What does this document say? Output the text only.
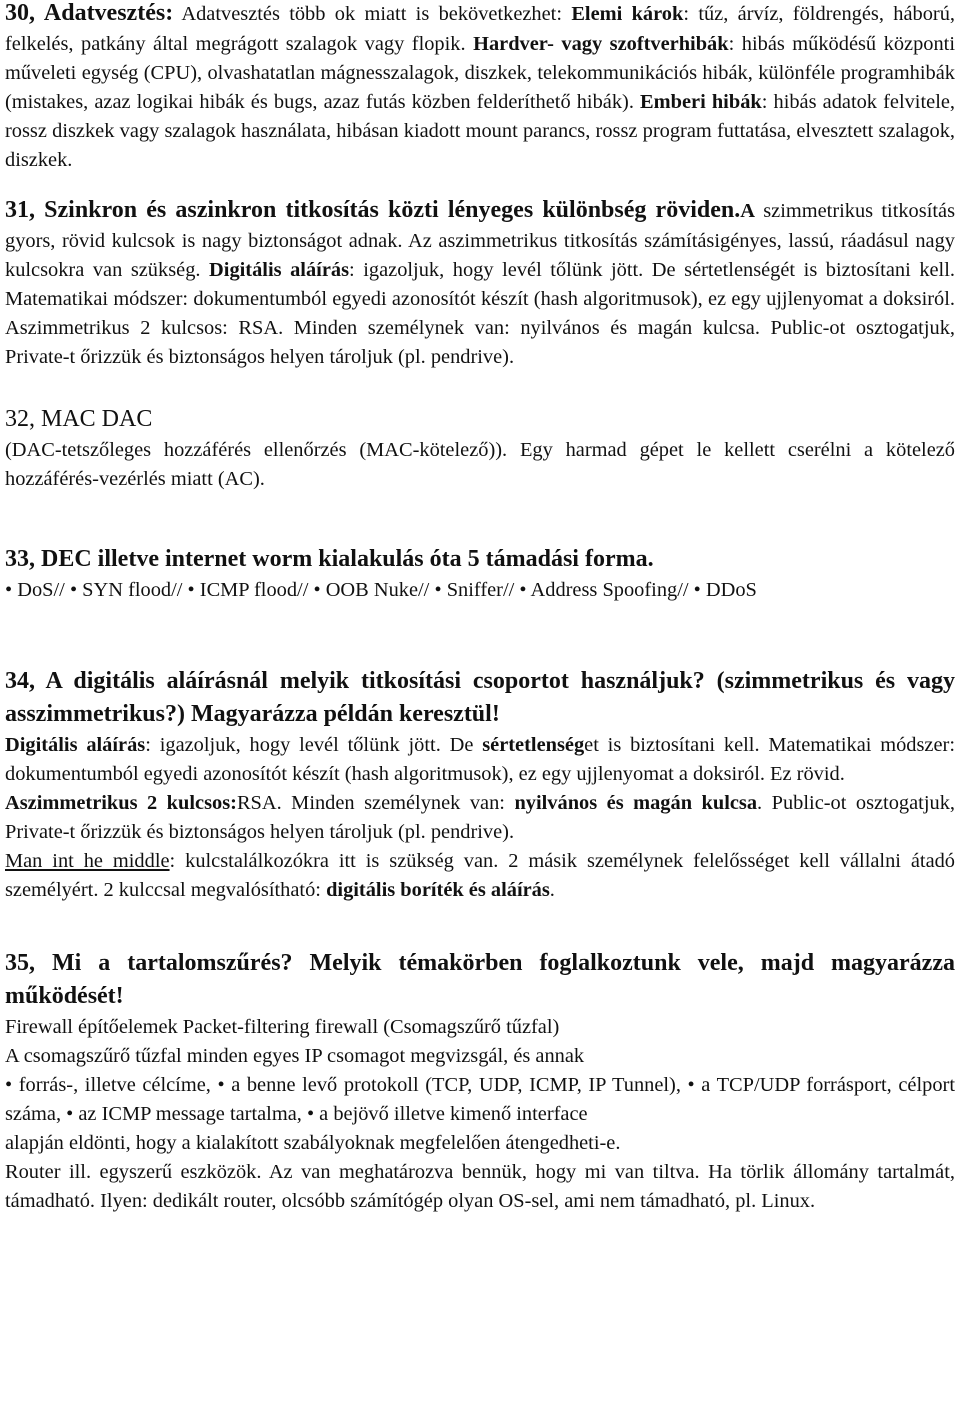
30, Adatvesztés: Adatvesztés több ok miatt is bekövetkezhet: Elemi károk: tűz, árvíz, földrengés, háború, felkelés, patkány által megrágott szalagok vagy flopik. Hardver- vagy szoftverhibák: hibás működésű központi műveleti egység (CPU), olvashatatlan mágnesszalagok, diszkek, telekommunikációs hibák, különféle programhibák (mistakes, azaz logikai hibák és bugs, azaz futás közben felderíthető hibák). Emberi hibák: hibás adatok felvitele, rossz diszkek vagy szalagok használata, hibásan kiadott mount parancs, rossz program futtatása, elvesztett szalagok, diszkek.

31, Szinkron és aszinkron titkosítás közti lényeges különbség röviden.A szimmetrikus titkosítás gyors, rövid kulcsok is nagy biztonságot adnak. Az aszimmetrikus titkosítás számításigényes, lassú, ráadásul nagy kulcsokra van szükség. Digitális aláírás: igazoljuk, hogy levél tőlünk jött. De sértetlenségét is biztosítani kell. Matematikai módszer: dokumentumból egyedi azonosítót készít (hash algoritmusok), ez egy ujjlenyomat a doksiról. Aszimmetrikus 2 kulcsos: RSA. Minden személynek van: nyilvános és magán kulcsa. Public-ot osztogatjuk, Private-t őrizzük és biztonságos helyen tároljuk (pl. pendrive).

32, MAC DAC

(DAC-tetszőleges hozzáférés ellenőrzés (MAC-kötelező)). Egy harmad gépet le kellett cserélni a kötelező hozzáférés-vezérlés miatt (AC).

33, DEC illetve internet worm kialakulás óta 5 támadási forma.

• DoS// • SYN flood// • ICMP flood// • OOB Nuke// • Sniffer// • Address Spoofing// • DDoS

34, A digitális aláírásnál melyik titkosítási csoportot használjuk? (szimmetrikus és vagy asszimmetrikus?) Magyarázza példán keresztül!

Digitális aláírás: igazoljuk, hogy levél tőlünk jött. De sértetlenséget is biztosítani kell. Matematikai módszer: dokumentumból egyedi azonosítót készít (hash algoritmusok), ez egy ujjlenyomat a doksiról. Ez rövid.

Aszimmetrikus 2 kulcsos:RSA. Minden személynek van: nyilvános és magán kulcsa. Public-ot osztogatjuk, Private-t őrizzük és biztonságos helyen tároljuk (pl. pendrive).

Man int he middle: kulcstalálkozókra itt is szükség van. 2 másik személynek felelősséget kell vállalni átadó személyért. 2 kulccsal megvalósítható: digitális boríték és aláírás.

35, Mi a tartalomszűrés? Melyik témakörben foglalkoztunk vele, majd magyarázza működését!

Firewall építőelemek Packet-filtering firewall (Csomagszűrő tűzfal)

A csomagszűrő tűzfal minden egyes IP csomagot megvizsgál, és annak

• forrás-, illetve célcíme, • a benne levő protokoll (TCP, UDP, ICMP, IP Tunnel), • a TCP/UDP forrásport, célport száma, • az ICMP message tartalma, • a bejövő illetve kimenő interface

alapján eldönti, hogy a kialakított szabályoknak megfelelően átengedheti-e.

Router ill. egyszerű eszközök. Az van meghatározva bennük, hogy mi van tiltva. Ha törlik állomány tartalmát, támadható. Ilyen: dedikált router, olcsóbb számítógép olyan OS-sel, ami nem támadható, pl. Linux.
